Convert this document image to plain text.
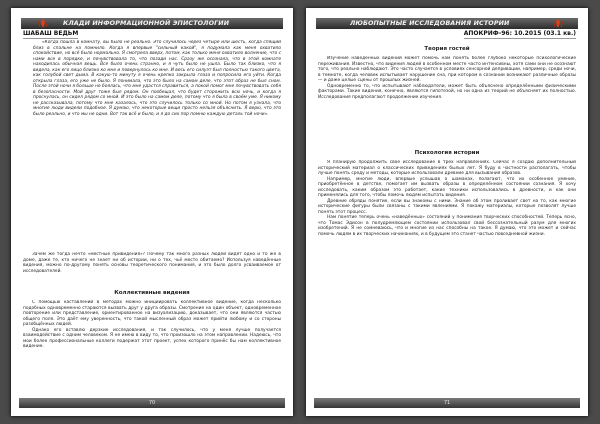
КЛАДИ ИНФОРМАЦИОННОЙ ЭПИСТОЛОГИИ
ШАБАШ ВЕДЬМ

«Когда пошла в комнату, вы было не реально. Это случилось через четыре или шесть, когда спящий близ в спальне на помнило. Когда я впервые "сильный какой", я подумала как меня охватило спокойствие, но всё было нормально. Я смотрела вверх, потом, как только меня охватило волнение, что с нами все в порядке, и почувствовала то, что позади нас. Сразу же осознала, что в этой комнате находилась обычная вещь. Все было очень странно, и я чуть было не ушла. Было так близко, что я видела, как его лицо близко ко мне и повернулось ко мне. И весь его силуэт был полностью такого цвета, как голубой свет дыма. В какую-то минуту я очень крепко закрыла глаза и попросила его уйти. Когда открыла глаза, его уже не было. Я понимала, что это было на самом деле, что этот образ не был сном. После этой ночи я больше не боялась, что мне удастся справиться, а покой помог мне почувствовать себя в безопасности. Мой друг тоже был рядом. Он пообещал, что будет сторожить всю ночь, и когда я проснулась, он сидел рядом со мной. И это было на самом деле, потому что я была в своём уме. Я никому не рассказывала, потому что мне казалось, что это случилось только со мной. Но потом я узнала, что многие люди видели подобное. Я думаю, что некоторые вещи просто нельзя объяснить. Я верю, что это было реально, и что мы не одни. Вот так всё и было, и я до сих пор помню каждую деталь той ночи».

Зачем же тогда нечто «местные привидения»? Почему так много разных людей видят одно и то же в доме, даже те, кто ничего не знает ни об истории, ни о тех, чьё место обитаемо? Используя наведённые видения, можно по-другому понять основы теоретического понимания, и это было долго усваиваемое от исследователей.

Коллективные видения

С помощью наставлений в методах можно инициировать коллективное видение, когда несколько подобных одновременно стараются вызвать друг у друга образы. Смотрение на один объект, одновременное повторение или представление, ориентированное на визуализацию, доказывает, что они являются частью общего поля. Это даёт ему уверенность, что такой мысленный образ может прийти любому и со стороны разобщённых людей.

Однако его вставлю дерзкие исследования, и так случилось, что у меня лучше получается взаимодействие с одним человеком. Я не имею в виду то, что произошло на этом направлении. Надеюсь, что мои более профессиональные коллеги подержат этот проект, успех которого принёс бы нам коллективное видение.

70
ЛЮБОПЫТНЫЕ ИССЛЕДОВАНИЯ ИСТОРИИ
АПОКРИФ-96: 10.2015 (03.1 кв.)
Теория гостей

Изучение наведённых видений может помочь нам понять более глубоко некоторые психологические переживания. Известно, что видения людей в особенном месте часто интенсивны, хотя сами они не осознают того, что реально наблюдают. Это часто случается в условиях сенсорной депривации, например, среди ночи, в темноте, когда человек испытывает нарушение сна, при котором в сознании возникают различные образы — и даже целые сцены от прошлых жизней.

Одновременно то, что испытывают наблюдатели, может быть объяснено определёнными физическими факторами. Такие видения, конечно, являются гипотезой, но ни одна из теорий не объясняет их полностью. Исследования предполагают продолжение изучения.

Психология истории

Я планирую продолжить своё исследование в трёх направлениях. Сейчас я создаю дополнительный исторический материал о классических приведениях былых лет. Я буду в частности располагать, чтобы лучше понять среду и методы, которые использовали древние для вызывания образов.

Например, многие люди, впервые услышав о шаманах, полагают, что их особенное умение, приобретённое в детстве, помогает им вызвать образы в определённом состоянии сознания. Я хочу исследовать, каким образом это работает, какие техники использовались в древности, и как они применялись для того, чтобы помочь людям испытать видения.

Древние обряды понятие, если вы знакомы с ними. Знание об этом проливает свет на то, как многие исторические фигуры были связаны с такими явлениями. Я покажу материалы, которые позволят лучше понять этот процесс.

Нам понятие теперь очень «наведённых» состояний у понимания творческих способностей. Теперь ясно, что Томас Эдисон в полудремлющем состоянии использовал свой бессознательный разум для многих изобретений. Я не сомневаюсь, что и многие из нас способны на такое. Я думаю, что это может и сейчас помочь людям в их творческих начинаниях, и в будущем это станет частью повседневной жизни.

71
